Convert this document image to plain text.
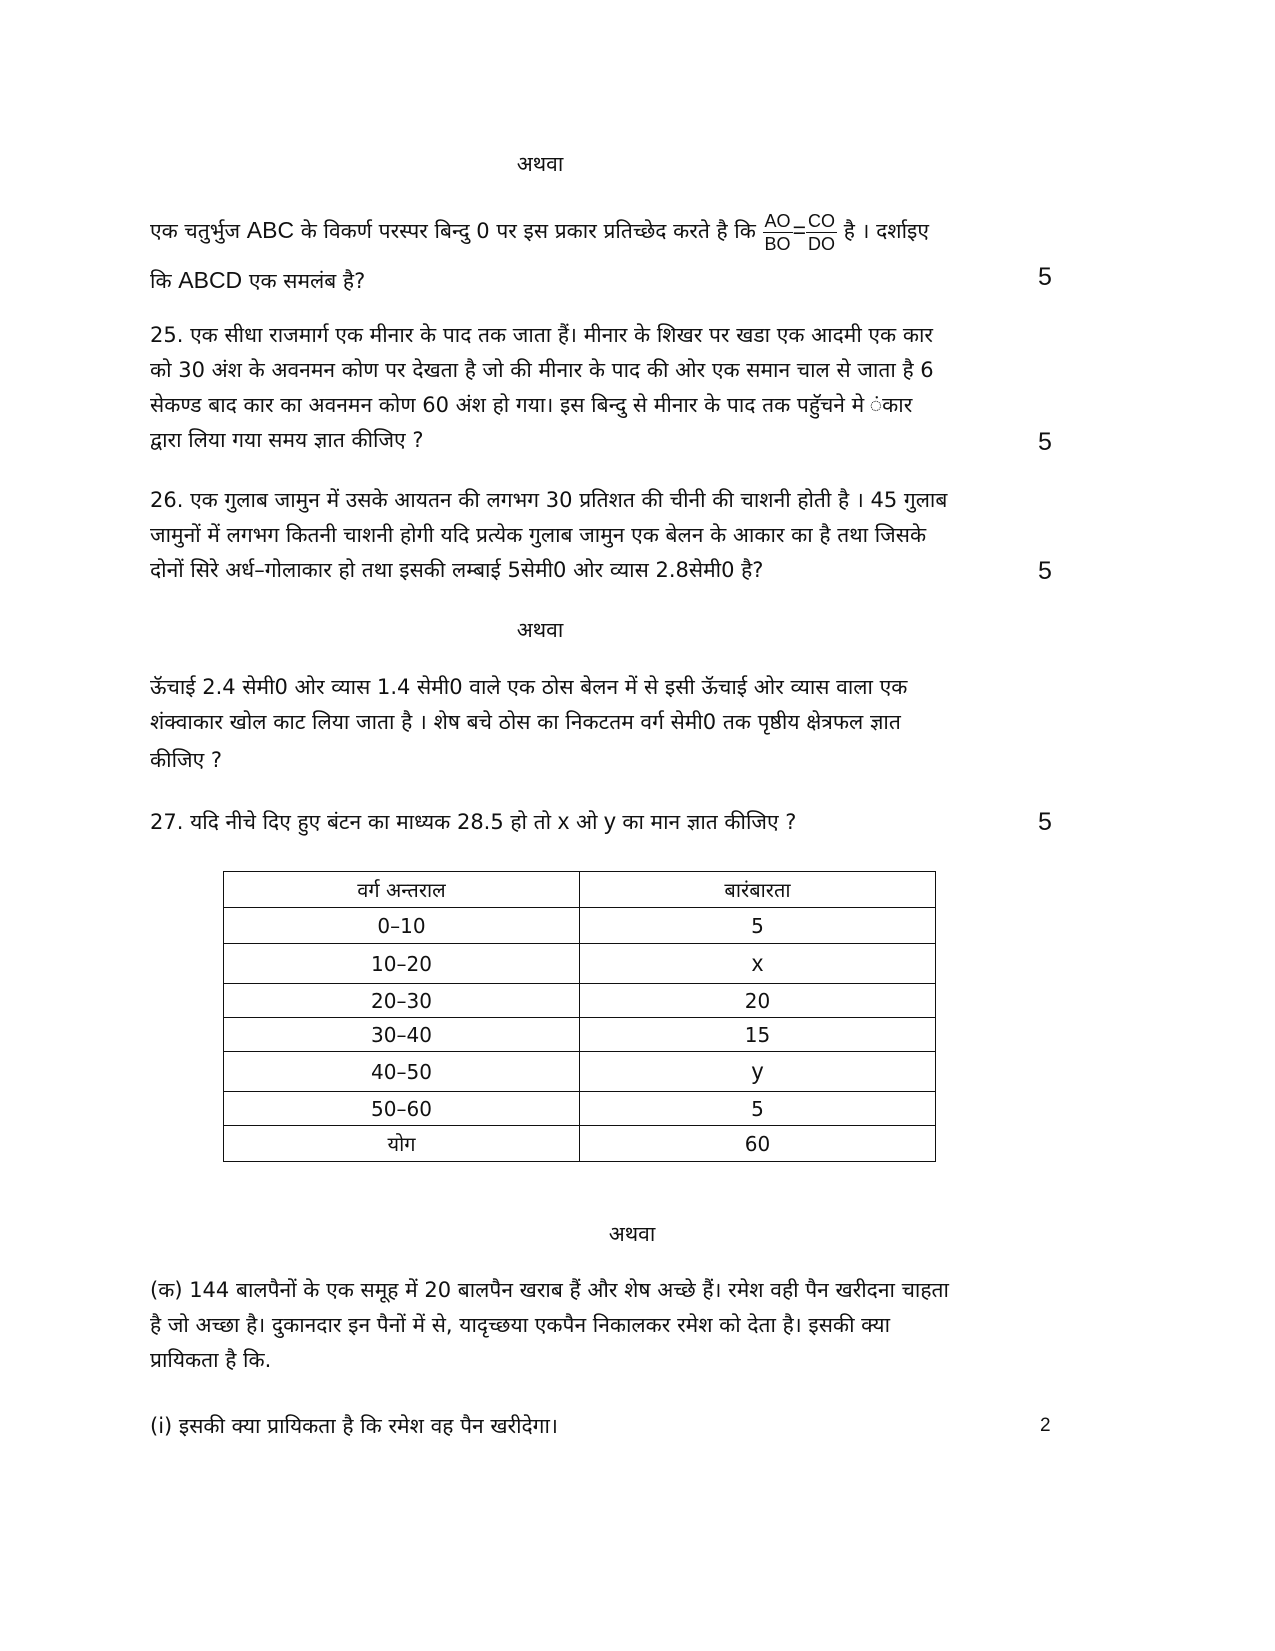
अथवा
एक चतुर्भुज ABC के विकर्ण परस्पर बिन्दु 0 पर इस प्रकार प्रतिच्छेद करते है कि $\frac{AO}{BO} = \frac{CO}{DO}$ है । दर्शाइए
कि ABCD एक समलंब है?	5
25. एक सीधा राजमार्ग एक मीनार के पाद तक जाता हैं। मीनार के शिखर पर खडा एक आदमी एक कार
को 30 अंश के अवनमन कोण पर देखता है जो की मीनार के पाद की ओर एक समान चाल से जाता है 6
सेकण्ड बाद कार का अवनमन कोण 60 अंश हो गया। इस बिन्दु से मीनार के पाद तक पहुॅचने मे ंकार
द्वारा लिया गया समय ज्ञात कीजिए ?	5
26. एक गुलाब जामुन में उसके आयतन की लगभग 30 प्रतिशत की चीनी की चाशनी होती है । 45 गुलाब
जामुनों में लगभग कितनी चाशनी होगी यदि प्रत्येक गुलाब जामुन एक बेलन के आकार का है तथा जिसके
दोनों सिरे अर्ध–गोलाकार हो तथा इसकी लम्बाई 5सेमी0 ओर व्यास 2.8सेमी0 है?	5
अथवा
ऊॅचाई 2.4 सेमी0 ओर व्यास 1.4 सेमी0 वाले एक ठोस बेलन में से इसी ऊॅचाई ओर व्यास वाला एक
शंक्वाकार खोल काट लिया जाता है । शेष बचे ठोस का निकटतम वर्ग सेमी0 तक पृष्ठीय क्षेत्रफल ज्ञात
कीजिए ?
27. यदि नीचे दिए हुए बंटन का माध्यक 28.5 हो तो x ओ y का मान ज्ञात कीजिए ?	5
वर्ग अन्तराल	बारंबारता
0–10	5
10–20	x
20–30	20
30–40	15
40–50	y
50–60	5
योग	60
अथवा
(क) 144 बालपैनों के एक समूह में 20 बालपैन खराब हैं और शेष अच्छे हैं। रमेश वही पैन खरीदना चाहता
है जो अच्छा है। दुकानदार इन पैनों में से, यादृच्छया एकपैन निकालकर रमेश को देता है। इसकी क्या
प्रायिकता है कि.
(i) इसकी क्या प्रायिकता है कि रमेश वह पैन खरीदेगा।	2
